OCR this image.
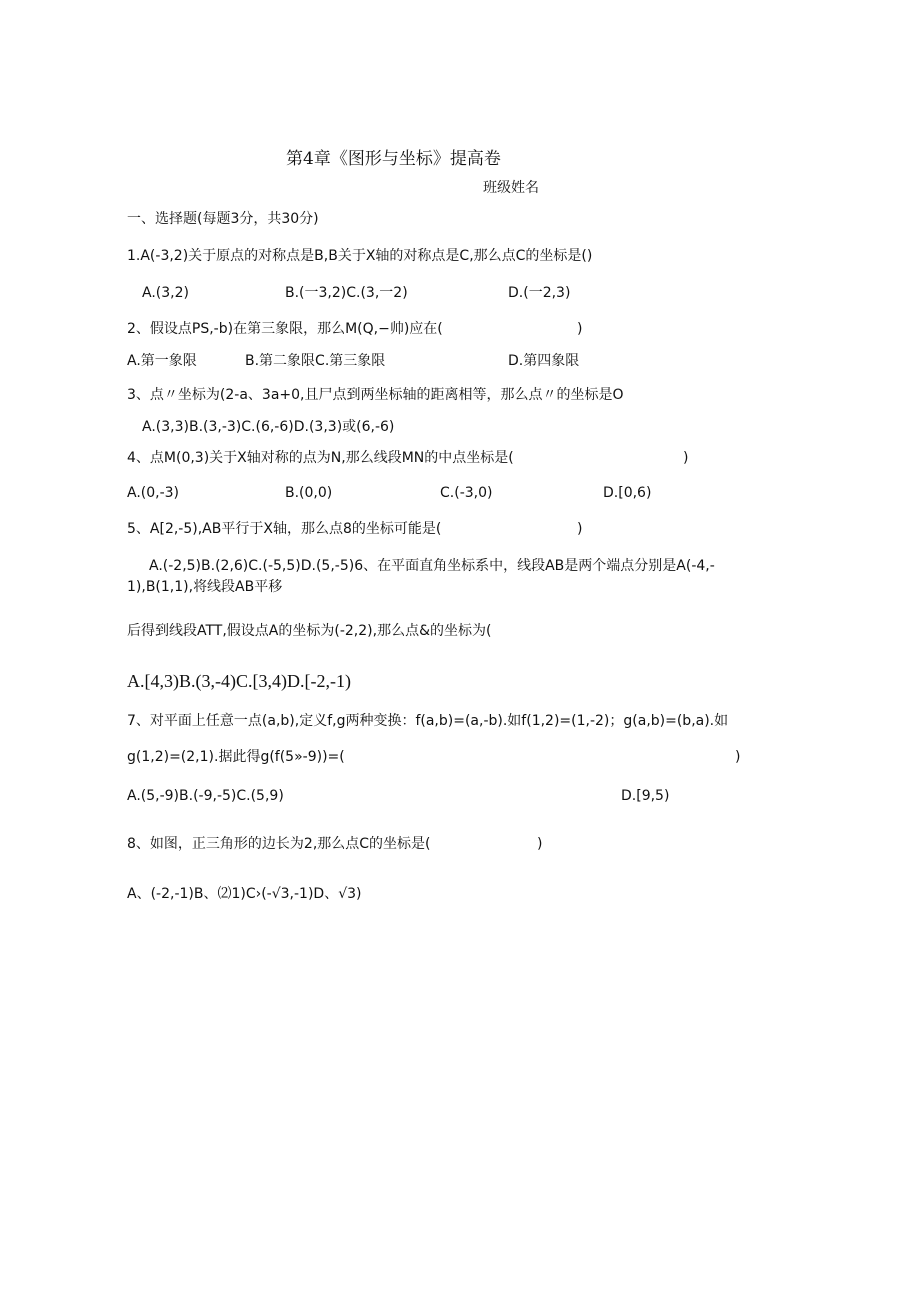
第4章《图形与坐标》提高卷
班级姓名
一、选择题(每题3分，共30分)
1.A(-3,2)关于原点的对称点是B,B关于X轴的对称点是C,那么点C的坐标是()
A.(3,2)	B.(一3,2)C.(3,一2)	D.(一2,3)
2、假设点PS,-b)在第三象限，那么M(Q,−帅)应在(	)
A.第一象限	B.第二象限C.第三象限	D.第四象限
3、点〃坐标为(2-a、3a+0,且尸点到两坐标轴的距离相等，那么点〃的坐标是O
A.(3,3)B.(3,-3)C.(6,-6)D.(3,3)或(6,-6)
4、点M(0,3)关于X轴对称的点为N,那么线段MN的中点坐标是(	)
A.(0,-3)	B.(0,0)	C.(-3,0)	D.[0,6)
5、A[2,-5),AB平行于X轴，那么点8的坐标可能是(	)
A.(-2,5)B.(2,6)C.(-5,5)D.(5,-5)6、在平面直角坐标系中，线段AB是两个端点分别是A(-4,-
1),B(1,1),将线段AB平移
后得到线段ATT,假设点A的坐标为(-2,2),那么点&的坐标为(
A.[4,3)B.(3,-4)C.[3,4)D.[-2,-1)
7、对平面上任意一点(a,b),定义f,g两种变换：f(a,b)=(a,-b).如f(1,2)=(1,-2)；g(a,b)=(b,a).如
g(1,2)=(2,1).据此得g(f(5»-9))=(	)
A.(5,-9)B.(-9,-5)C.(5,9)	D.[9,5)
8、如图，正三角形的边长为2,那么点C的坐标是(	)
A、(-2,-1)B、⑵1)C›(-√3,-1)D、√3)
